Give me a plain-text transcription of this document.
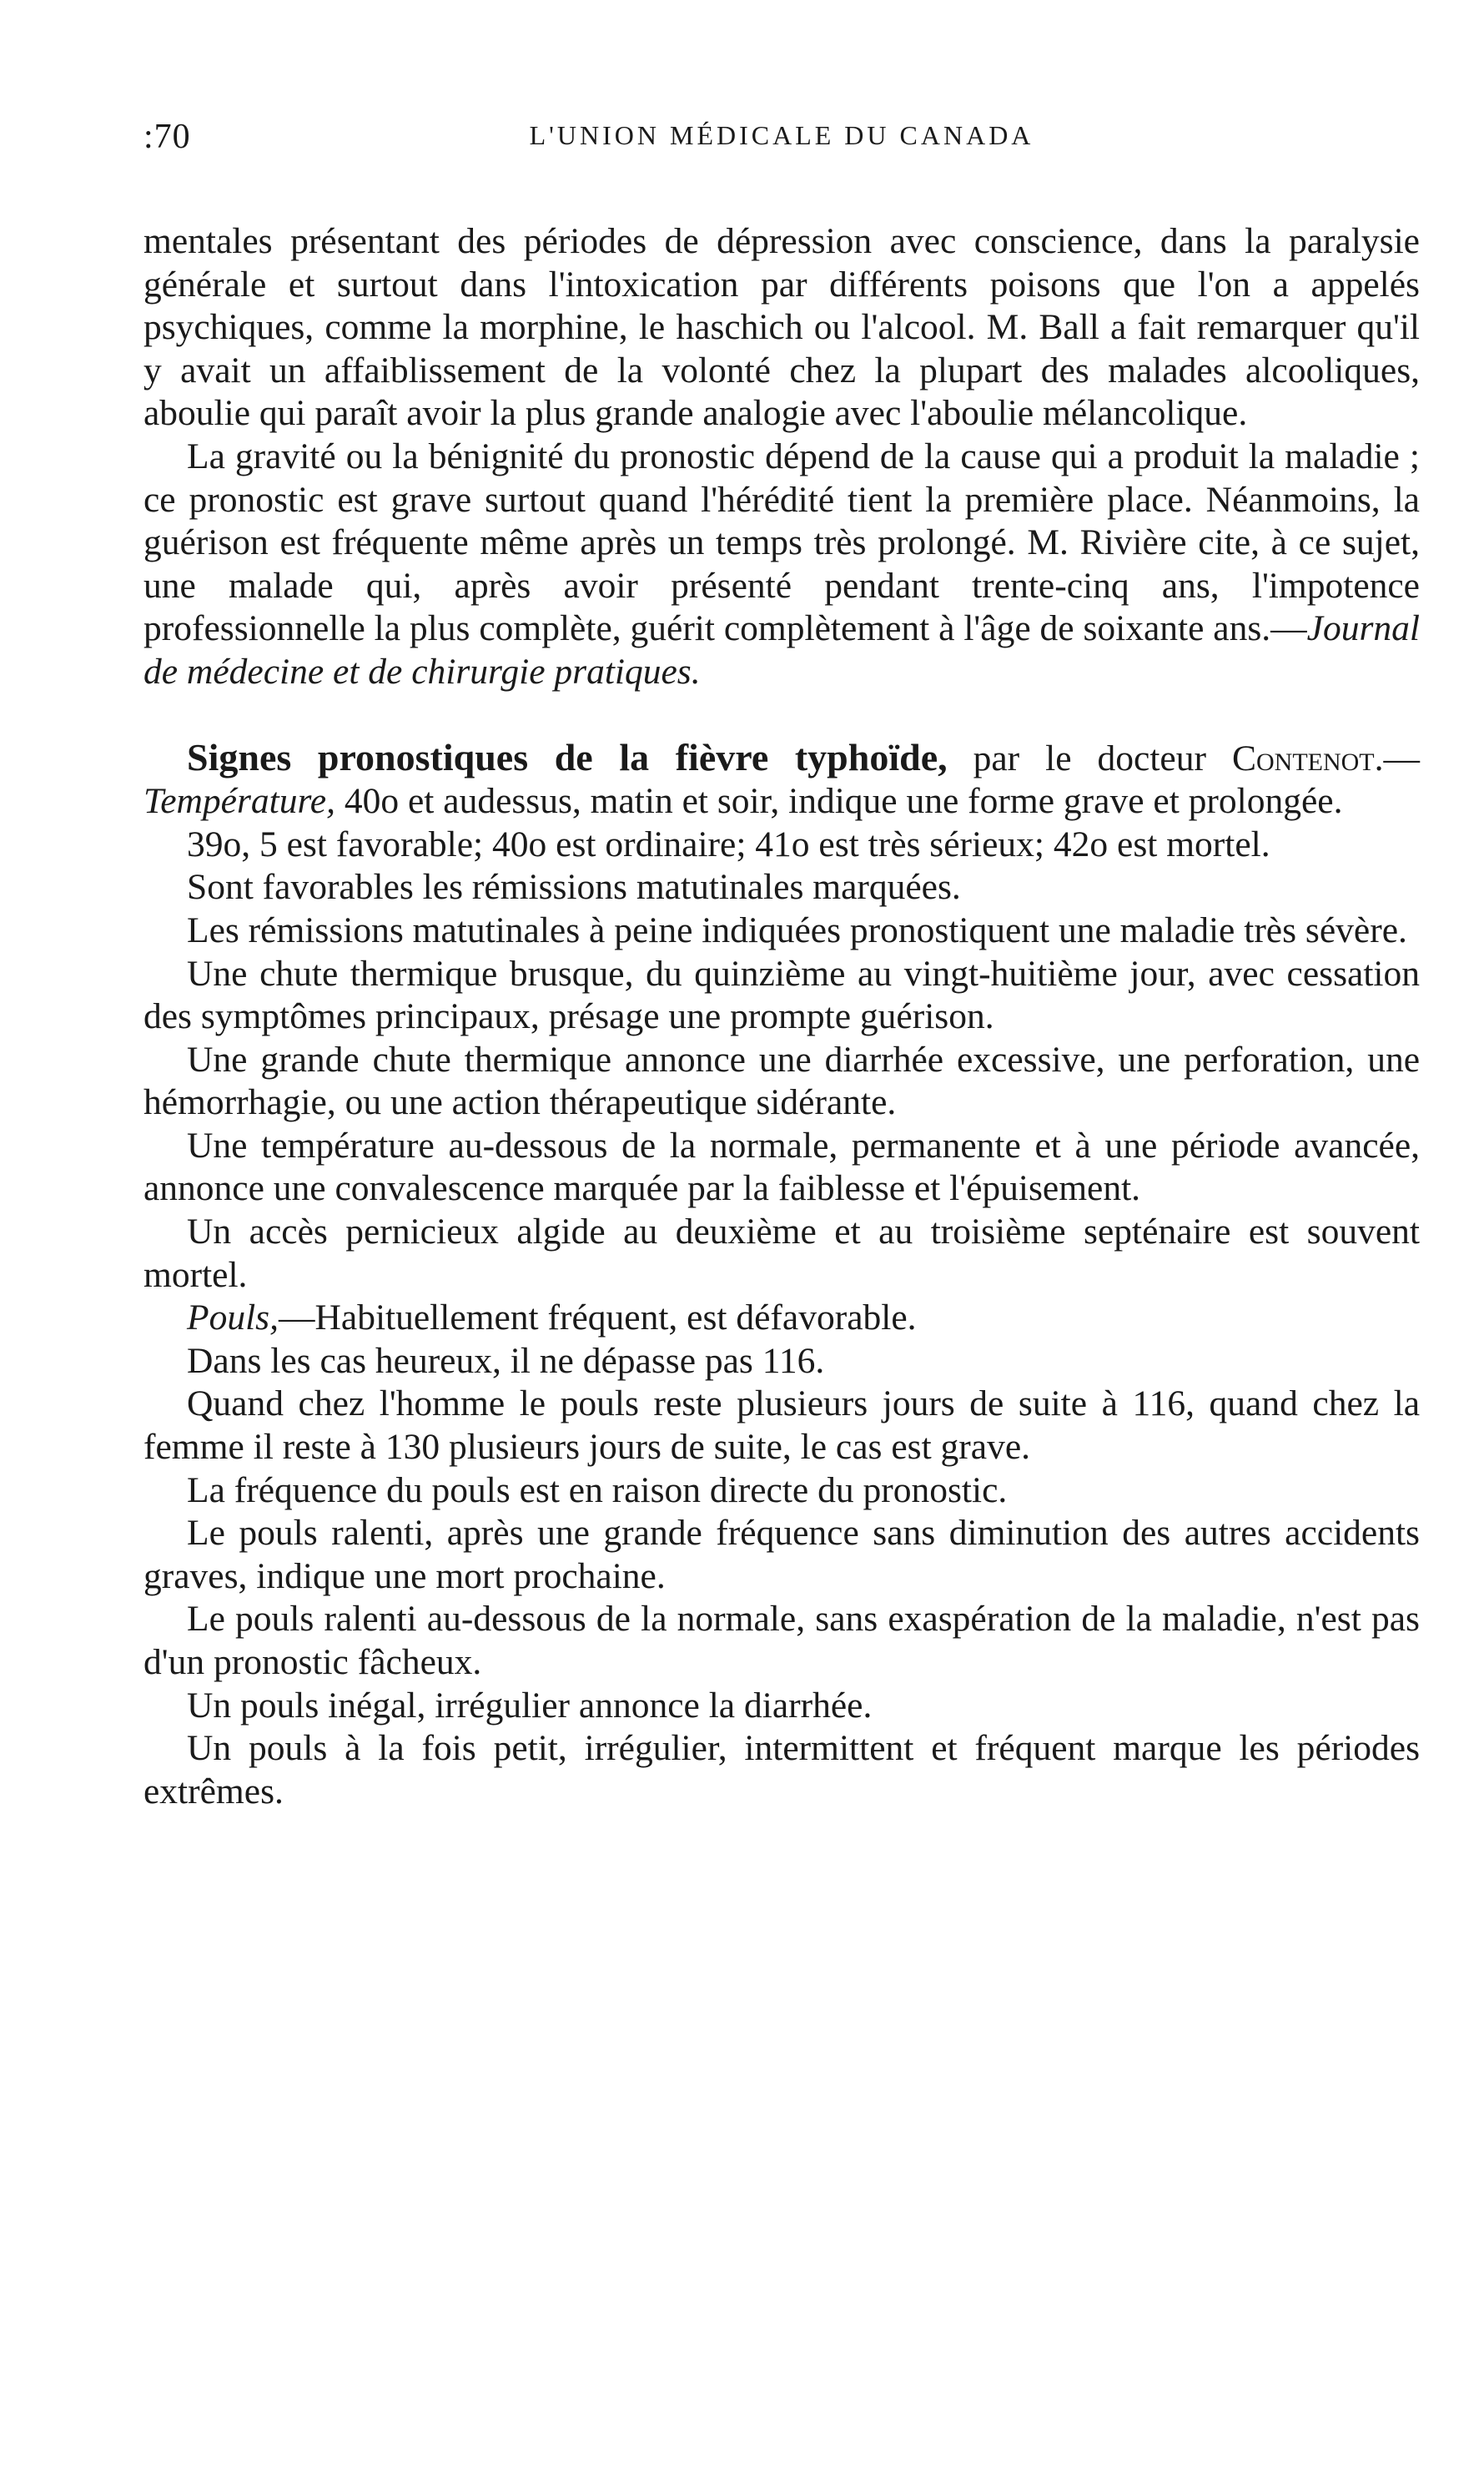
:70	L'UNION MÉDICALE DU CANADA

mentales présentant des périodes de dépression avec conscience, dans la paralysie générale et surtout dans l'intoxication par différents poisons que l'on a appelés psychiques, comme la morphine, le haschich ou l'alcool. M. Ball a fait remarquer qu'il y avait un affaiblissement de la volonté chez la plupart des malades alcooliques, aboulie qui paraît avoir la plus grande analogie avec l'aboulie mélancolique.

La gravité ou la bénignité du pronostic dépend de la cause qui a produit la maladie ; ce pronostic est grave surtout quand l'hérédité tient la première place. Néanmoins, la guérison est fréquente même après un temps très prolongé. M. Rivière cite, à ce sujet, une malade qui, après avoir présenté pendant trente-cinq ans, l'impotence professionnelle la plus complète, guérit complètement à l'âge de soixante ans.—Journal de médecine et de chirurgie pratiques.

Signes pronostiques de la fièvre typhoïde, par le docteur Contenot.—Température, 40o et audessus, matin et soir, indique une forme grave et prolongée.

39o, 5 est favorable; 40o est ordinaire; 41o est très sérieux; 42o est mortel.

Sont favorables les rémissions matutinales marquées.

Les rémissions matutinales à peine indiquées pronostiquent une maladie très sévère.

Une chute thermique brusque, du quinzième au vingt-huitième jour, avec cessation des symptômes principaux, présage une prompte guérison.

Une grande chute thermique annonce une diarrhée excessive, une perforation, une hémorrhagie, ou une action thérapeutique sidérante.

Une température au-dessous de la normale, permanente et à une période avancée, annonce une convalescence marquée par la faiblesse et l'épuisement.

Un accès pernicieux algide au deuxième et au troisième septénaire est souvent mortel.

Pouls,—Habituellement fréquent, est défavorable.

Dans les cas heureux, il ne dépasse pas 116.

Quand chez l'homme le pouls reste plusieurs jours de suite à 116, quand chez la femme il reste à 130 plusieurs jours de suite, le cas est grave.

La fréquence du pouls est en raison directe du pronostic.

Le pouls ralenti, après une grande fréquence sans diminution des autres accidents graves, indique une mort prochaine.

Le pouls ralenti au-dessous de la normale, sans exaspération de la maladie, n'est pas d'un pronostic fâcheux.

Un pouls inégal, irrégulier annonce la diarrhée.

Un pouls à la fois petit, irrégulier, intermittent et fréquent marque les périodes extrêmes.
